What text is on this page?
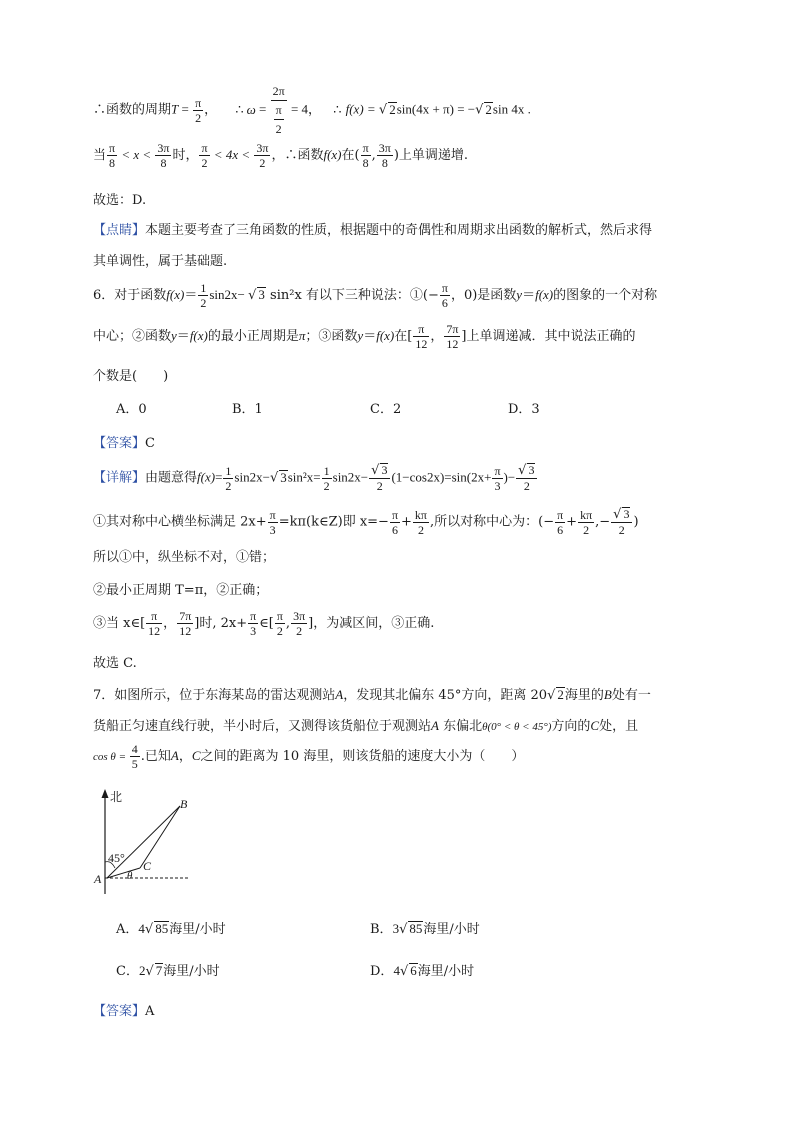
∴函数的周期$T = \frac{\pi}{2}$ ， ∴ $\omega = \frac{2\pi}{\frac{\pi}{2}} = 4$， ∴ f(x) = √ 2sin(4x + π) = −√ 2sin 4x .
当 $\frac{\pi}{8} < x < \frac{3\pi}{8}$ 时， $\frac{\pi}{2} < 4x < \frac{3\pi}{2}$ ，∴函数f(x)在( $\frac{\pi}{8}$ , $\frac{3\pi}{8}$ )上单调递增.
故选：D.
【点睛】本题主要考查了三角函数的性质，根据题中的奇偶性和周期求出函数的解析式，然后求得
其单调性，属于基础题.
6．对于函数$f(x)= \frac{1}{2} \sin 2x-$ √ 3 sin²x 有以下三种说法：①(− $\frac{\pi}{6}$ ，0)是函数y＝f(x)的图象的一个对称
中心；②函数y＝f(x)的最小正周期是π；③函数y＝f(x)在[ $\frac{\pi}{12}$ ， $\frac{7\pi}{12}$ ]上单调递减．其中说法正确的
个数是(　　)
A．0	B．1	C．2	D．3
【答案】C
【详解】由题意得$f(x)= \frac{1}{2} \sin 2x-√$ $3\sin^2x= \frac{1}{2} \sin 2x- \frac{√ 3}{2} (1-\cos 2x)=\sin(2x+ \frac{\pi}{3}$ )− $\frac{√ 3}{2}$
①其对称中心横坐标满足 $2x+ \frac{\pi}{3}$ =kπ(k∈Z)即 $x=- \frac{\pi}{6} + \frac{k\pi}{2}$ ,所以对称中心为：(− $\frac{\pi}{6} + \frac{k\pi}{2}$ ,− $\frac{√ 3}{2}$ )
所以①中，纵坐标不对，①错；
②最小正周期 T=π，②正确；
③当 x∈[ $\frac{\pi}{12}$ ， $\frac{7\pi}{12}$ ]时, $2x+ \frac{\pi}{3}$ ∈[ $\frac{\pi}{2}$ , $\frac{3\pi}{2}$ ]，为减区间，③正确.
故选 C.
7．如图所示，位于东海某岛的雷达观测站A，发现其北偏东 45°方向，距离 20√ 2海里的B处有一
货船正匀速直线行驶，半小时后，又测得该货船位于观测站A 东偏北θ(0° < θ < 45°)方向的C处，且
$\cos \theta = \frac{4}{5}$ .已知A，C之间的距离为 10 海里，则该货船的速度大小为（　　）
北
45°
A
B
C
θ
A．4√ 85海里/小时	B．3√ 85海里/小时
C．2√ 7海里/小时	D．4√ 6海里/小时
【答案】A
